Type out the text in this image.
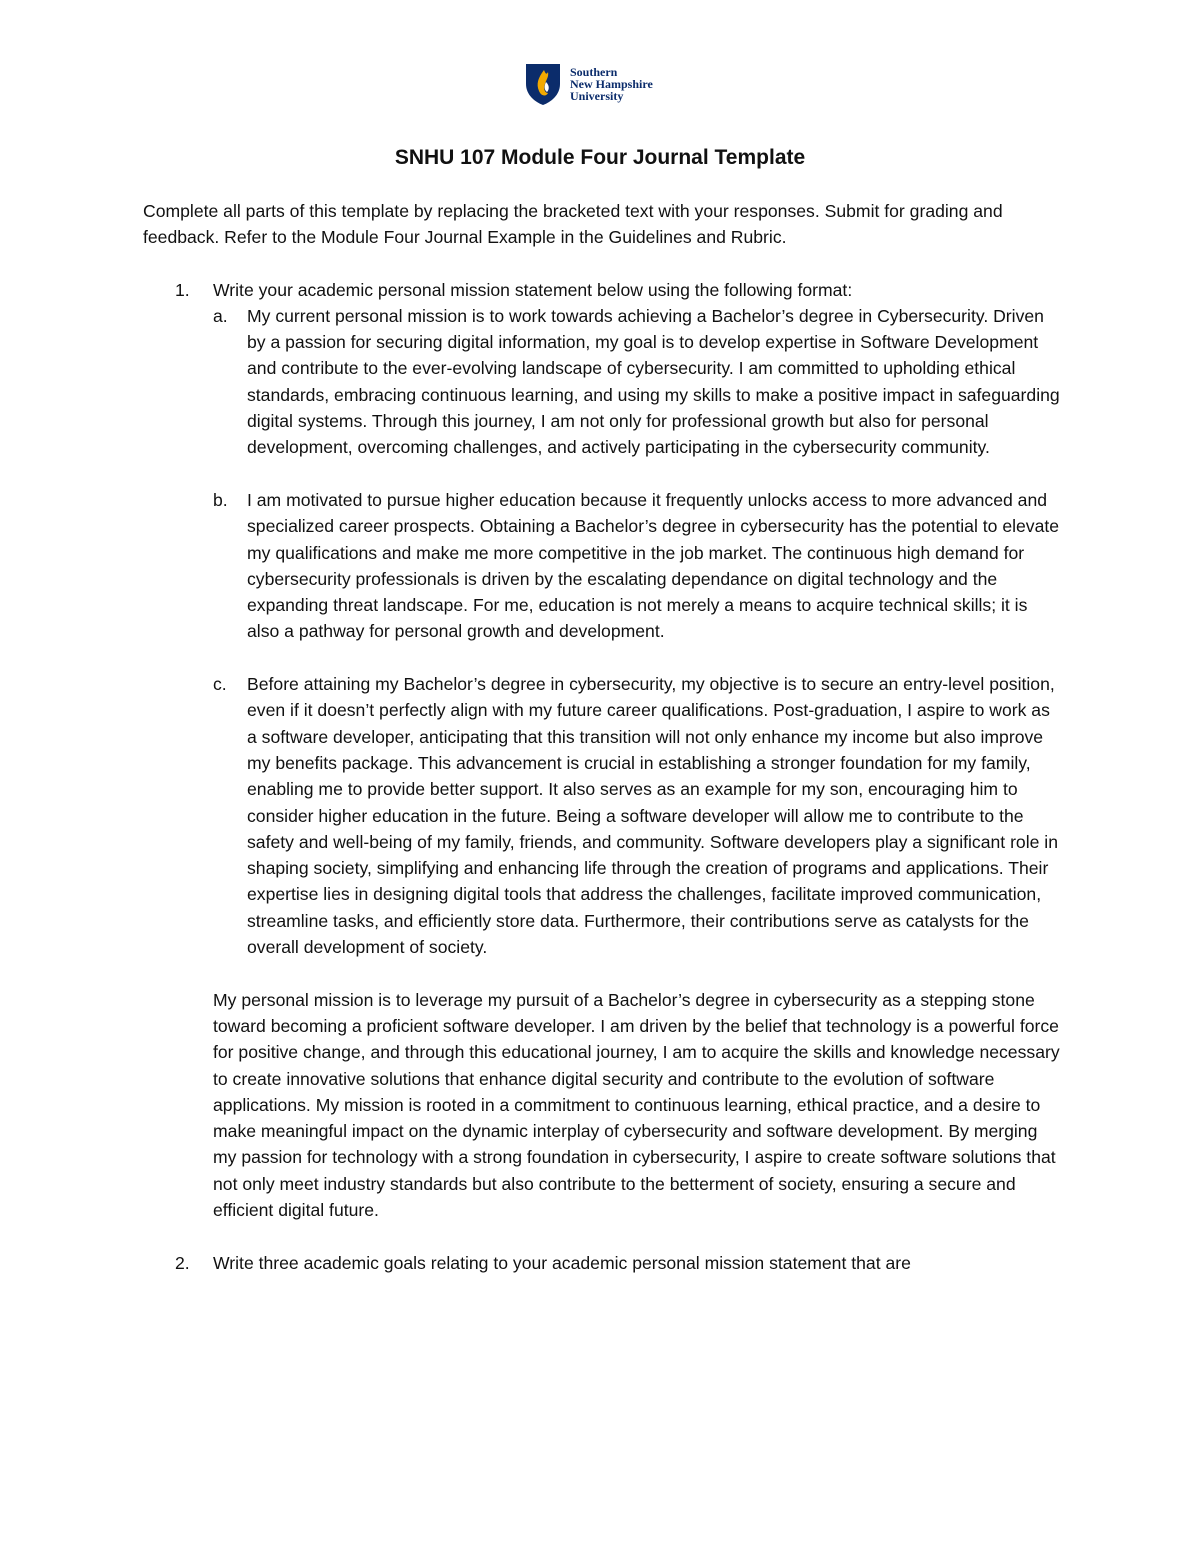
Southern
New Hampshire
University
SNHU 107 Module Four Journal Template

Complete all parts of this template by replacing the bracketed text with your responses. Submit for grading and feedback. Refer to the Module Four Journal Example in the Guidelines and Rubric.

1. Write your academic personal mission statement below using the following format:
a. My current personal mission is to work towards achieving a Bachelor’s degree in Cybersecurity. Driven by a passion for securing digital information, my goal is to develop expertise in Software Development and contribute to the ever-evolving landscape of cybersecurity. I am committed to upholding ethical standards, embracing continuous learning, and using my skills to make a positive impact in safeguarding digital systems. Through this journey, I am not only for professional growth but also for personal development, overcoming challenges, and actively participating in the cybersecurity community.
b. I am motivated to pursue higher education because it frequently unlocks access to more advanced and specialized career prospects. Obtaining a Bachelor’s degree in cybersecurity has the potential to elevate my qualifications and make me more competitive in the job market. The continuous high demand for cybersecurity professionals is driven by the escalating dependance on digital technology and the expanding threat landscape. For me, education is not merely a means to acquire technical skills; it is also a pathway for personal growth and development.
c. Before attaining my Bachelor’s degree in cybersecurity, my objective is to secure an entry-level position, even if it doesn’t perfectly align with my future career qualifications. Post-graduation, I aspire to work as a software developer, anticipating that this transition will not only enhance my income but also improve my benefits package. This advancement is crucial in establishing a stronger foundation for my family, enabling me to provide better support. It also serves as an example for my son, encouraging him to consider higher education in the future. Being a software developer will allow me to contribute to the safety and well-being of my family, friends, and community. Software developers play a significant role in shaping society, simplifying and enhancing life through the creation of programs and applications. Their expertise lies in designing digital tools that address the challenges, facilitate improved communication, streamline tasks, and efficiently store data. Furthermore, their contributions serve as catalysts for the overall development of society.

My personal mission is to leverage my pursuit of a Bachelor’s degree in cybersecurity as a stepping stone toward becoming a proficient software developer. I am driven by the belief that technology is a powerful force for positive change, and through this educational journey, I am to acquire the skills and knowledge necessary to create innovative solutions that enhance digital security and contribute to the evolution of software applications. My mission is rooted in a commitment to continuous learning, ethical practice, and a desire to make meaningful impact on the dynamic interplay of cybersecurity and software development. By merging my passion for technology with a strong foundation in cybersecurity, I aspire to create software solutions that not only meet industry standards but also contribute to the betterment of society, ensuring a secure and efficient digital future.

2. Write three academic goals relating to your academic personal mission statement that are
